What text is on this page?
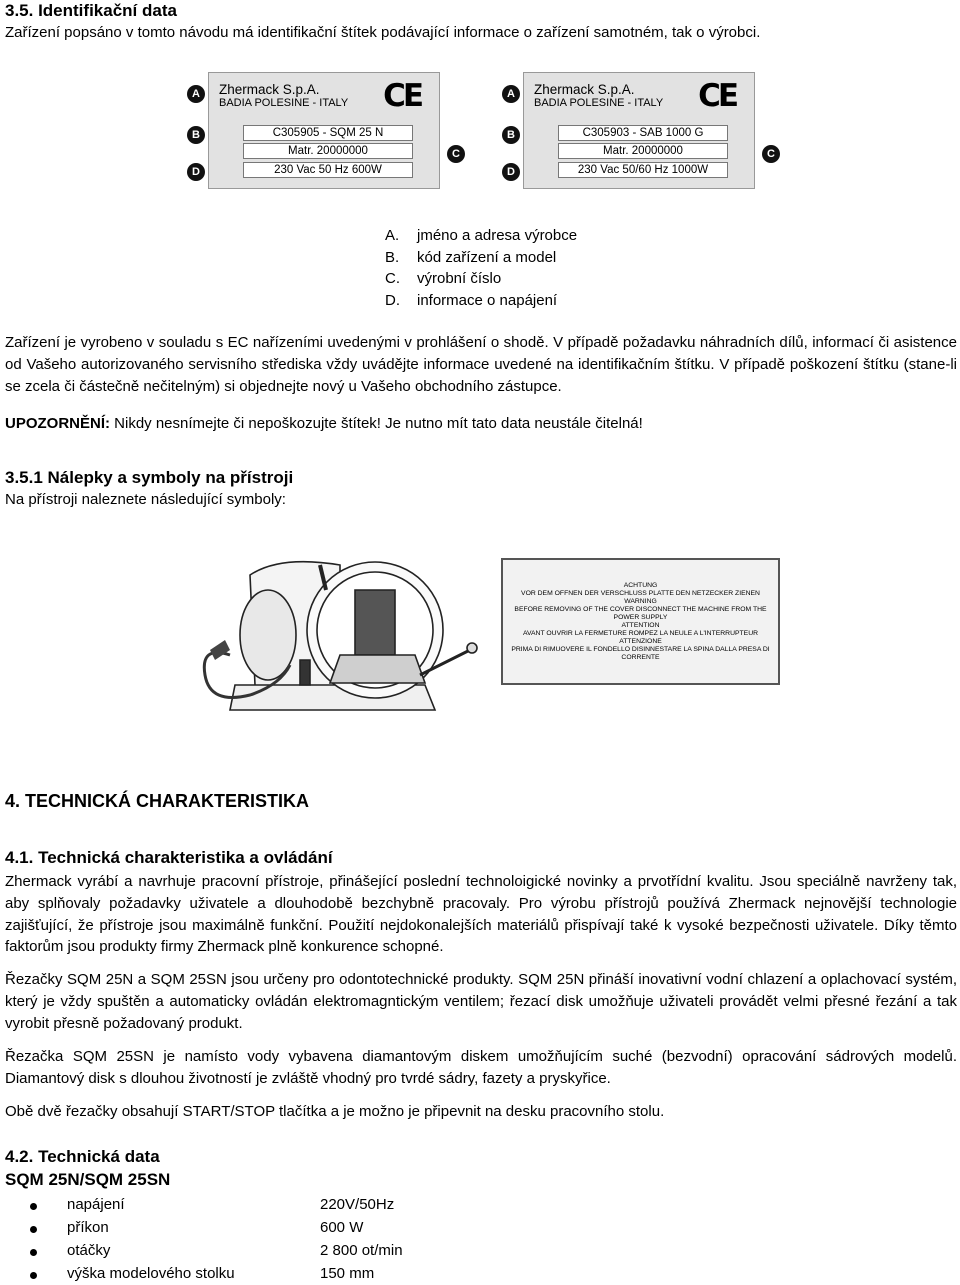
3.5. Identifikační data
Zařízení popsáno v tomto návodu má identifikační štítek podávající informace o zařízení samotném, tak o výrobci.
A
B
D
C
Zhermack S.p.A.
BADIA POLESINE - ITALY CE
C305905 - SQM 25 N
Matr. 20000000
230 Vac 50 Hz 600W
A
B
D
C
Zhermack S.p.A.
BADIA POLESINE - ITALY CE
C305903 - SAB 1000 G
Matr. 20000000
230 Vac 50/60 Hz 1000W
A. jméno a adresa výrobce
B. kód zařízení a model
C. výrobní číslo
D. informace o napájení
Zařízení je vyrobeno v souladu s EC nařízeními uvedenými v prohlášení o shodě. V případě požadavku náhradních dílů, informací či asistence od Vašeho autorizovaného servisního střediska vždy uvádějte informace uvedené na identifikačním štítku. V případě poškození štítku (stane-li se zcela či částečně nečitelným) si objednejte nový u Vašeho obchodního zástupce.
UPOZORNĚNÍ: Nikdy nesnímejte či nepoškozujte štítek! Je nutno mít tato data neustále čitelná!
3.5.1 Nálepky a symboly na přístroji
Na přístroji naleznete následující symboly:
ACHTUNG
VOR DEM OFFNEN DER VERSCHLUSS PLATTE DEN NETZECKER ZIENEN
WARNING
BEFORE REMOVING OF THE COVER DISCONNECT THE MACHINE FROM THE POWER SUPPLY
ATTENTION
AVANT OUVRIR LA FERMETURE ROMPEZ LA NEULE A L'INTERRUPTEUR
ATTENZIONE
PRIMA DI RIMUOVERE IL FONDELLO DISINNESTARE LA SPINA DALLA PRESA DI CORRENTE
4. TECHNICKÁ CHARAKTERISTIKA
4.1. Technická charakteristika a ovládání
Zhermack vyrábí a navrhuje pracovní přístroje, přinášející poslední technoloigické novinky a prvotřídní kvalitu. Jsou speciálně navrženy tak, aby splňovaly požadavky uživatele a dlouhodobě bezchybně pracovaly. Pro výrobu přístrojů používá Zhermack nejnovější technologie zajišťující, že přístroje jsou maximálně funkční. Použití nejdokonalejších materiálů přispívají také k vysoké bezpečnosti uživatele. Díky těmto faktorům jsou produkty firmy Zhermack plně konkurence schopné.
Řezačky SQM 25N a SQM 25SN jsou určeny pro odontotechnické produkty. SQM 25N přináší inovativní vodní chlazení a oplachovací systém, který je vždy spuštěn a automaticky ovládán elektromagntickým ventilem; řezací disk umožňuje uživateli provádět velmi přesné řezání a tak vyrobit přesně požadovaný produkt.
Řezačka SQM 25SN je namísto vody vybavena diamantovým diskem umožňujícím suché (bezvodní) opracování sádrových modelů. Diamantový disk s dlouhou životností je zvláště vhodný pro tvrdé sádry, fazety a pryskyřice.
Obě dvě řezačky obsahují START/STOP tlačítka a je možno je připevnit na desku pracovního stolu.
4.2. Technická data
SQM 25N/SQM 25SN
napájení	220V/50Hz
příkon	600 W
otáčky	2 800 ot/min
výška modelového stolku	150 mm
